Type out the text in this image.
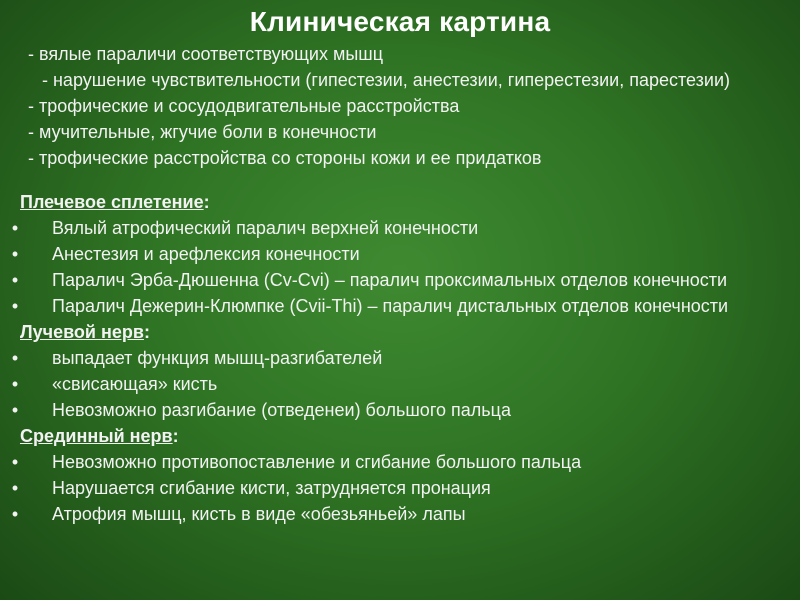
Клиническая картина
- вялые параличи соответствующих мышц
- нарушение чувствительности (гипестезии, анестезии, гиперестезии, парестезии)
- трофические и сосудодвигательные расстройства
- мучительные, жгучие боли в конечности
- трофические расстройства со стороны кожи и ее придатков
Плечевое сплетение:
• Вялый атрофический паралич верхней конечности
• Анестезия и арефлексия конечности
• Паралич Эрба-Дюшенна (Cv-Cvi) – паралич проксимальных отделов конечности
• Паралич Дежерин-Клюмпке (Cvii-Thi) – паралич дистальных отделов конечности
Лучевой нерв:
• выпадает функция мышц-разгибателей
• «свисающая» кисть
• Невозможно разгибание (отведенеи) большого пальца
Срединный нерв:
• Невозможно противопоставление и сгибание большого пальца
• Нарушается сгибание кисти, затрудняется пронация
• Атрофия мышц, кисть в виде «обезьяньей» лапы
